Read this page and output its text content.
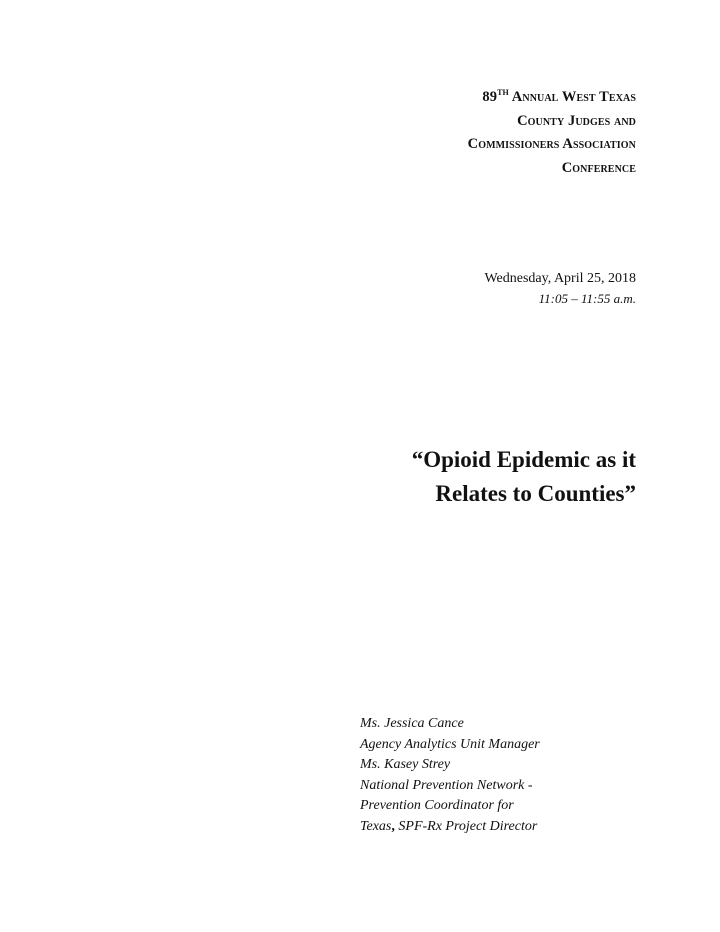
89TH Annual West Texas
County Judges and
Commissioners Association
Conference
Wednesday, April 25, 2018
11:05 – 11:55 a.m.
“Opioid Epidemic as it
Relates to Counties”
Ms. Jessica Cance
Agency Analytics Unit Manager
Ms. Kasey Strey
National Prevention Network -
Prevention Coordinator for
Texas, SPF-Rx Project Director
